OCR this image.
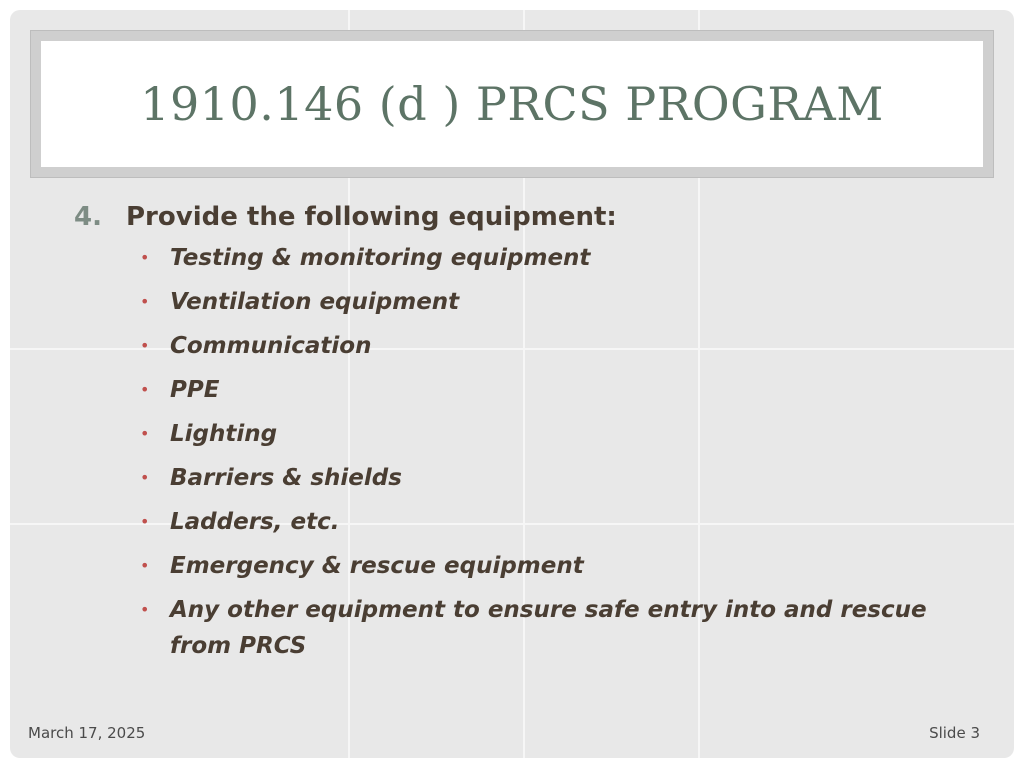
1910.146 (d ) PRCS PROGRAM
4. Provide the following equipment:
• Testing & monitoring equipment
• Ventilation equipment
• Communication
• PPE
• Lighting
• Barriers & shields
• Ladders, etc.
• Emergency & rescue equipment
• Any other equipment to ensure safe entry into and rescue from PRCS
March 17, 2025	Slide 3
